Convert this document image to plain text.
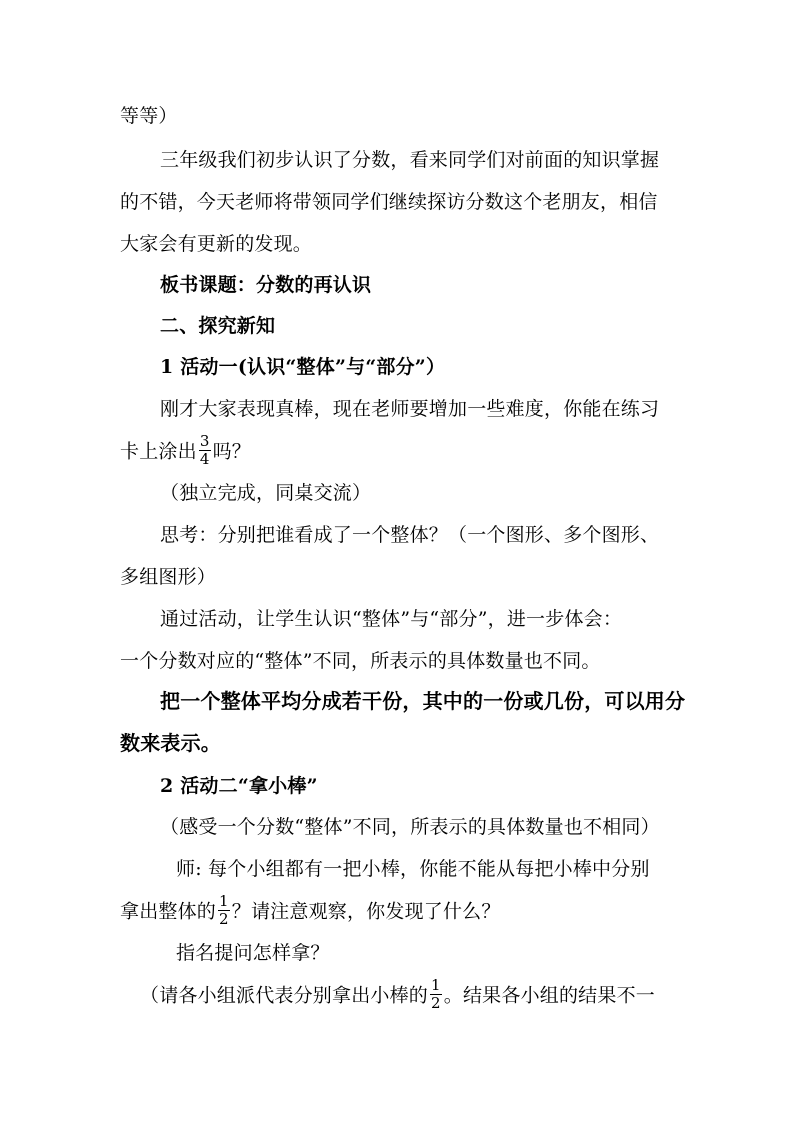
等等）
三年级我们初步认识了分数，看来同学们对前面的知识掌握
的不错，今天老师将带领同学们继续探访分数这个老朋友，相信
大家会有更新的发现。
板书课题：分数的再认识
二、探究新知
1 活动一(认识“整体”与“部分”）
刚才大家表现真棒，现在老师要增加一些难度，你能在练习
卡上涂出 $\frac{3}{4}$ 吗？
（独立完成，同桌交流）
思考：分别把谁看成了一个整体？（一个图形、多个图形、
多组图形）
通过活动，让学生认识“整体”与“部分”，进一步体会：
一个分数对应的“整体”不同，所表示的具体数量也不同。
把一个整体平均分成若干份，其中的一份或几份，可以用分
数来表示。
2 活动二“拿小棒”
（感受一个分数“整体”不同，所表示的具体数量也不相同）
师: 每个小组都有一把小棒，你能不能从每把小棒中分别
拿出整体的 $\frac{1}{2}$ ？请注意观察，你发现了什么？
指名提问怎样拿？
（请各小组派代表分别拿出小棒的 $\frac{1}{2}$ 。结果各小组的结果不一
